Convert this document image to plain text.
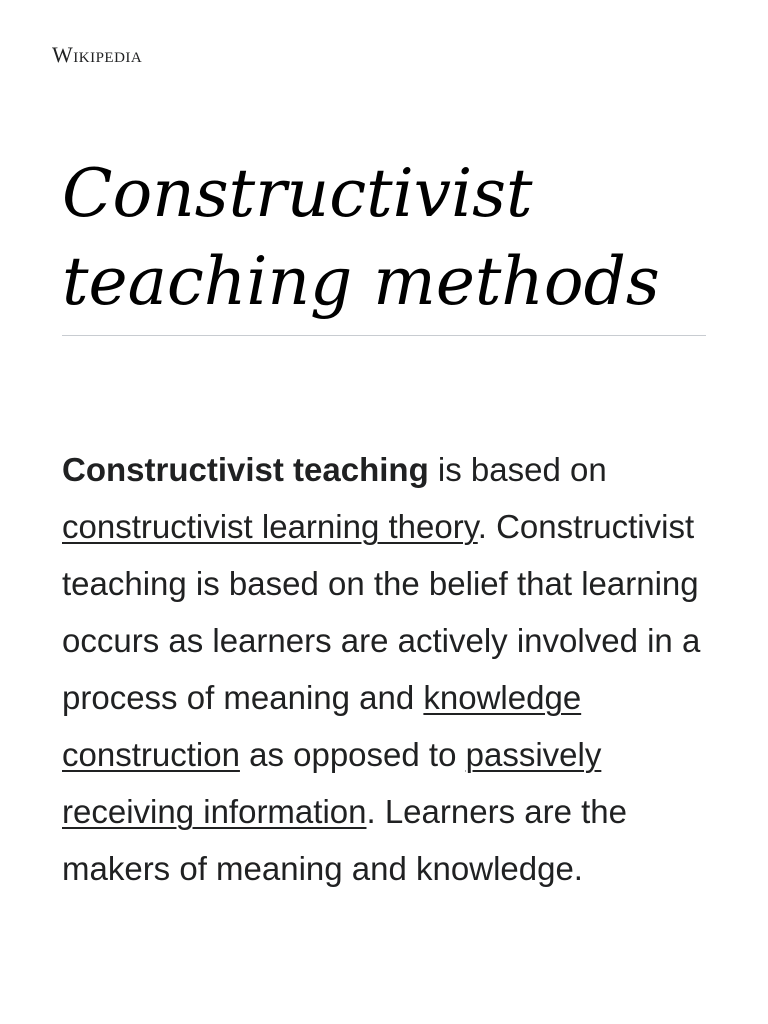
Wikipedia
Constructivist teaching methods

Constructivist teaching is based on constructivist learning theory. Constructivist teaching is based on the belief that learning occurs as learners are actively involved in a process of meaning and knowledge construction as opposed to passively receiving information. Learners are the makers of meaning and knowledge.
